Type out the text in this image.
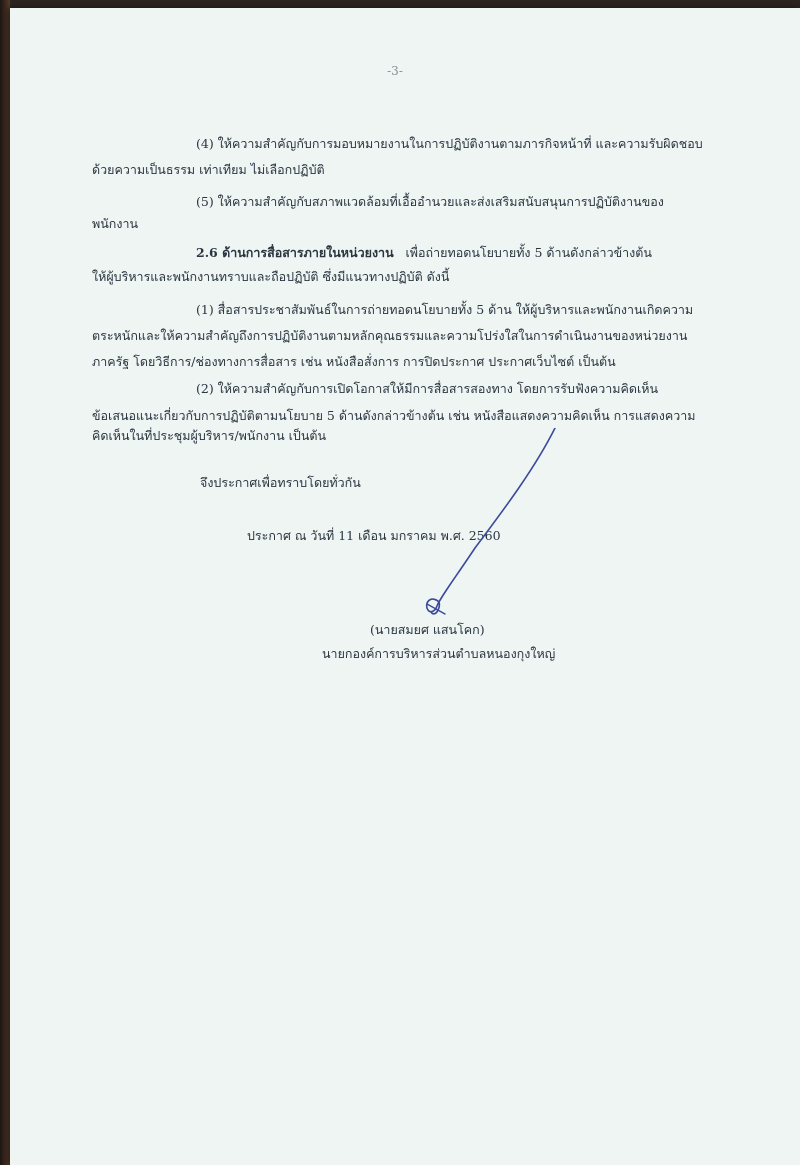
-3-
(4) ให้ความสำคัญกับการมอบหมายงานในการปฏิบัติงานตามภารกิจหน้าที่ และความรับผิดชอบ
ด้วยความเป็นธรรม เท่าเทียม ไม่เลือกปฏิบัติ
(5) ให้ความสำคัญกับสภาพแวดล้อมที่เอื้ออำนวยและส่งเสริมสนับสนุนการปฏิบัติงานของ
พนักงาน
2.6 ด้านการสื่อสารภายในหน่วยงาน เพื่อถ่ายทอดนโยบายทั้ง 5 ด้านดังกล่าวข้างต้น
ให้ผู้บริหารและพนักงานทราบและถือปฏิบัติ ซึ่งมีแนวทางปฏิบัติ ดังนี้
(1) สื่อสารประชาสัมพันธ์ในการถ่ายทอดนโยบายทั้ง 5 ด้าน ให้ผู้บริหารและพนักงานเกิดความ
ตระหนักและให้ความสำคัญถึงการปฏิบัติงานตามหลักคุณธรรมและความโปร่งใสในการดำเนินงานของหน่วยงาน
ภาครัฐ โดยวิธีการ/ช่องทางการสื่อสาร เช่น หนังสือสั่งการ การปิดประกาศ ประกาศเว็บไซต์ เป็นต้น
(2) ให้ความสำคัญกับการเปิดโอกาสให้มีการสื่อสารสองทาง โดยการรับฟังความคิดเห็น
ข้อเสนอแนะเกี่ยวกับการปฏิบัติตามนโยบาย 5 ด้านดังกล่าวข้างต้น เช่น หนังสือแสดงความคิดเห็น การแสดงความ
คิดเห็นในที่ประชุมผู้บริหาร/พนักงาน เป็นต้น
จึงประกาศเพื่อทราบโดยทั่วกัน
ประกาศ ณ วันที่ 11 เดือน มกราคม พ.ศ. 2560
(นายสมยศ แสนโคก)
นายกองค์การบริหารส่วนตำบลหนองกุงใหญ่
